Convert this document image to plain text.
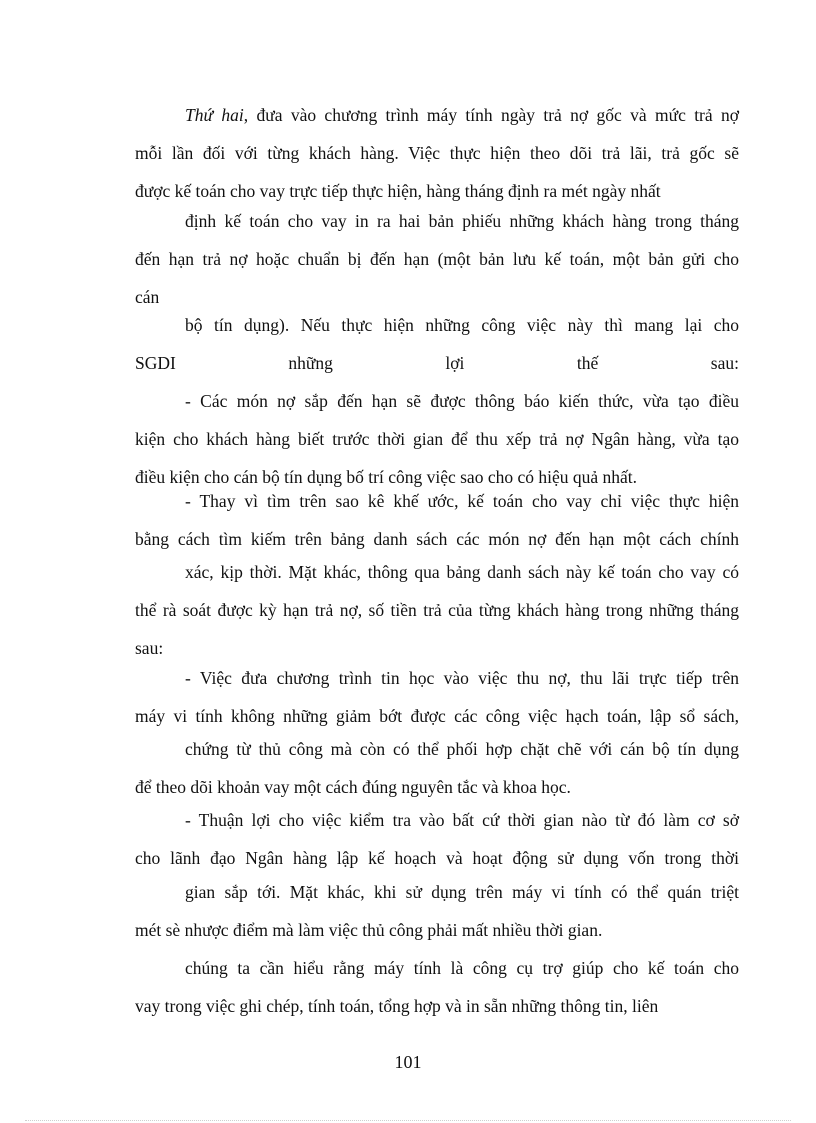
Thứ hai, đưa vào chương trình máy tính ngày trả nợ gốc và mức trả nợ
mỗi lần đối với từng khách hàng. Việc thực hiện theo dõi trả lãi, trả gốc sẽ
được kế toán cho vay trực tiếp thực hiện, hàng tháng định ra mét ngày nhất
định kế toán cho vay in ra hai bản phiếu những khách hàng trong tháng
đến hạn trả nợ hoặc chuẩn bị đến hạn (một bản lưu kế toán, một bản gửi cho
cán
bộ tín dụng). Nếu thực hiện những công việc này thì mang lại cho
SGDI	những	lợi	thế	sau:
- Các món nợ sắp đến hạn sẽ được thông báo kiến thức, vừa tạo điều
kiện cho khách hàng biết trước thời gian để thu xếp trả nợ Ngân hàng, vừa tạo
điều kiện cho cán bộ tín dụng bố trí công việc sao cho có hiệu quả nhất.
- Thay vì tìm trên sao kê khế ước, kế toán cho vay chỉ việc thực hiện
bằng cách tìm kiếm trên bảng danh sách các món nợ đến hạn một cách chính
xác, kịp thời. Mặt khác, thông qua bảng danh sách này kế toán cho vay có
thể rà soát được kỳ hạn trả nợ, số tiền trả của từng khách hàng trong những tháng
sau:
- Việc đưa chương trình tin học vào việc thu nợ, thu lãi trực tiếp trên
máy vi tính không những giảm bớt được các công việc hạch toán, lập sổ sách,
chứng từ thủ công mà còn có thể phối hợp chặt chẽ với cán bộ tín dụng
để theo dõi khoản vay một cách đúng nguyên tắc và khoa học.
- Thuận lợi cho việc kiểm tra vào bất cứ thời gian nào từ đó làm cơ sở
cho lãnh đạo Ngân hàng lập kế hoạch và hoạt động sử dụng vốn trong thời
gian sắp tới. Mặt khác, khi sử dụng trên máy vi tính có thể quán triệt
mét sè nhược điểm mà làm việc thủ công phải mất nhiều thời gian.
chúng ta cần hiểu rằng máy tính là công cụ trợ giúp cho kế toán cho
vay trong việc ghi chép, tính toán, tổng hợp và in sẵn những thông tin, liên
101
